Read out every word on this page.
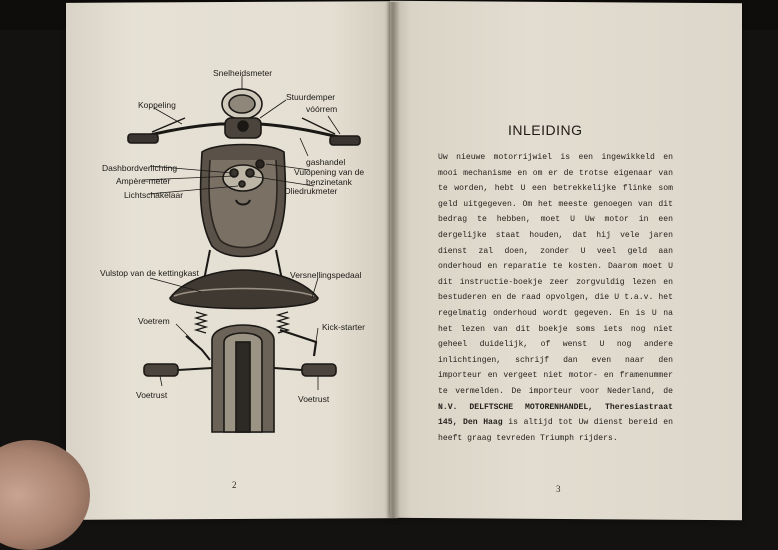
Snelheidsmeter
Stuurdemper
Koppeling	vóórrem
gashandel
Vulopening van de
benzinetank
Dashbordverlichting
Ampère-meter
Oliedrukmeter
Lichtschakelaar
Vulstop van de kettingkast	Versnellingspedaal
Voetrem
Kick-starter
Voetrust	Voetrust
2
INLEIDING

Uw nieuwe motorrijwiel is een ingewikkeld en mooi mechanisme en om er de trotse eigenaar van te worden, hebt U een betrekkelijke flinke som geld uitgegeven. Om het meeste genoegen van dit bedrag te hebben, moet U Uw motor in een dergelijke staat houden, dat hij vele jaren dienst zal doen, zonder U veel geld aan onderhoud en reparatie te kosten. Daarom moet U dit instructie-boekje zeer zorgvuldig lezen en bestuderen en de raad opvolgen, die U t.a.v. het regelmatig onderhoud wordt gegeven. En is U na het lezen van dit boekje soms iets nog niet geheel duidelijk, of wenst U nog andere inlichtingen, schrijf dan even naar den importeur en vergeet niet motor- en framenummer te vermelden. De importeur voor Nederland, de N.V. DELFTSCHE MOTORENHANDEL, Theresiastraat 145, Den Haag is altijd tot Uw dienst bereid en heeft graag tevreden Triumph rijders.

3
